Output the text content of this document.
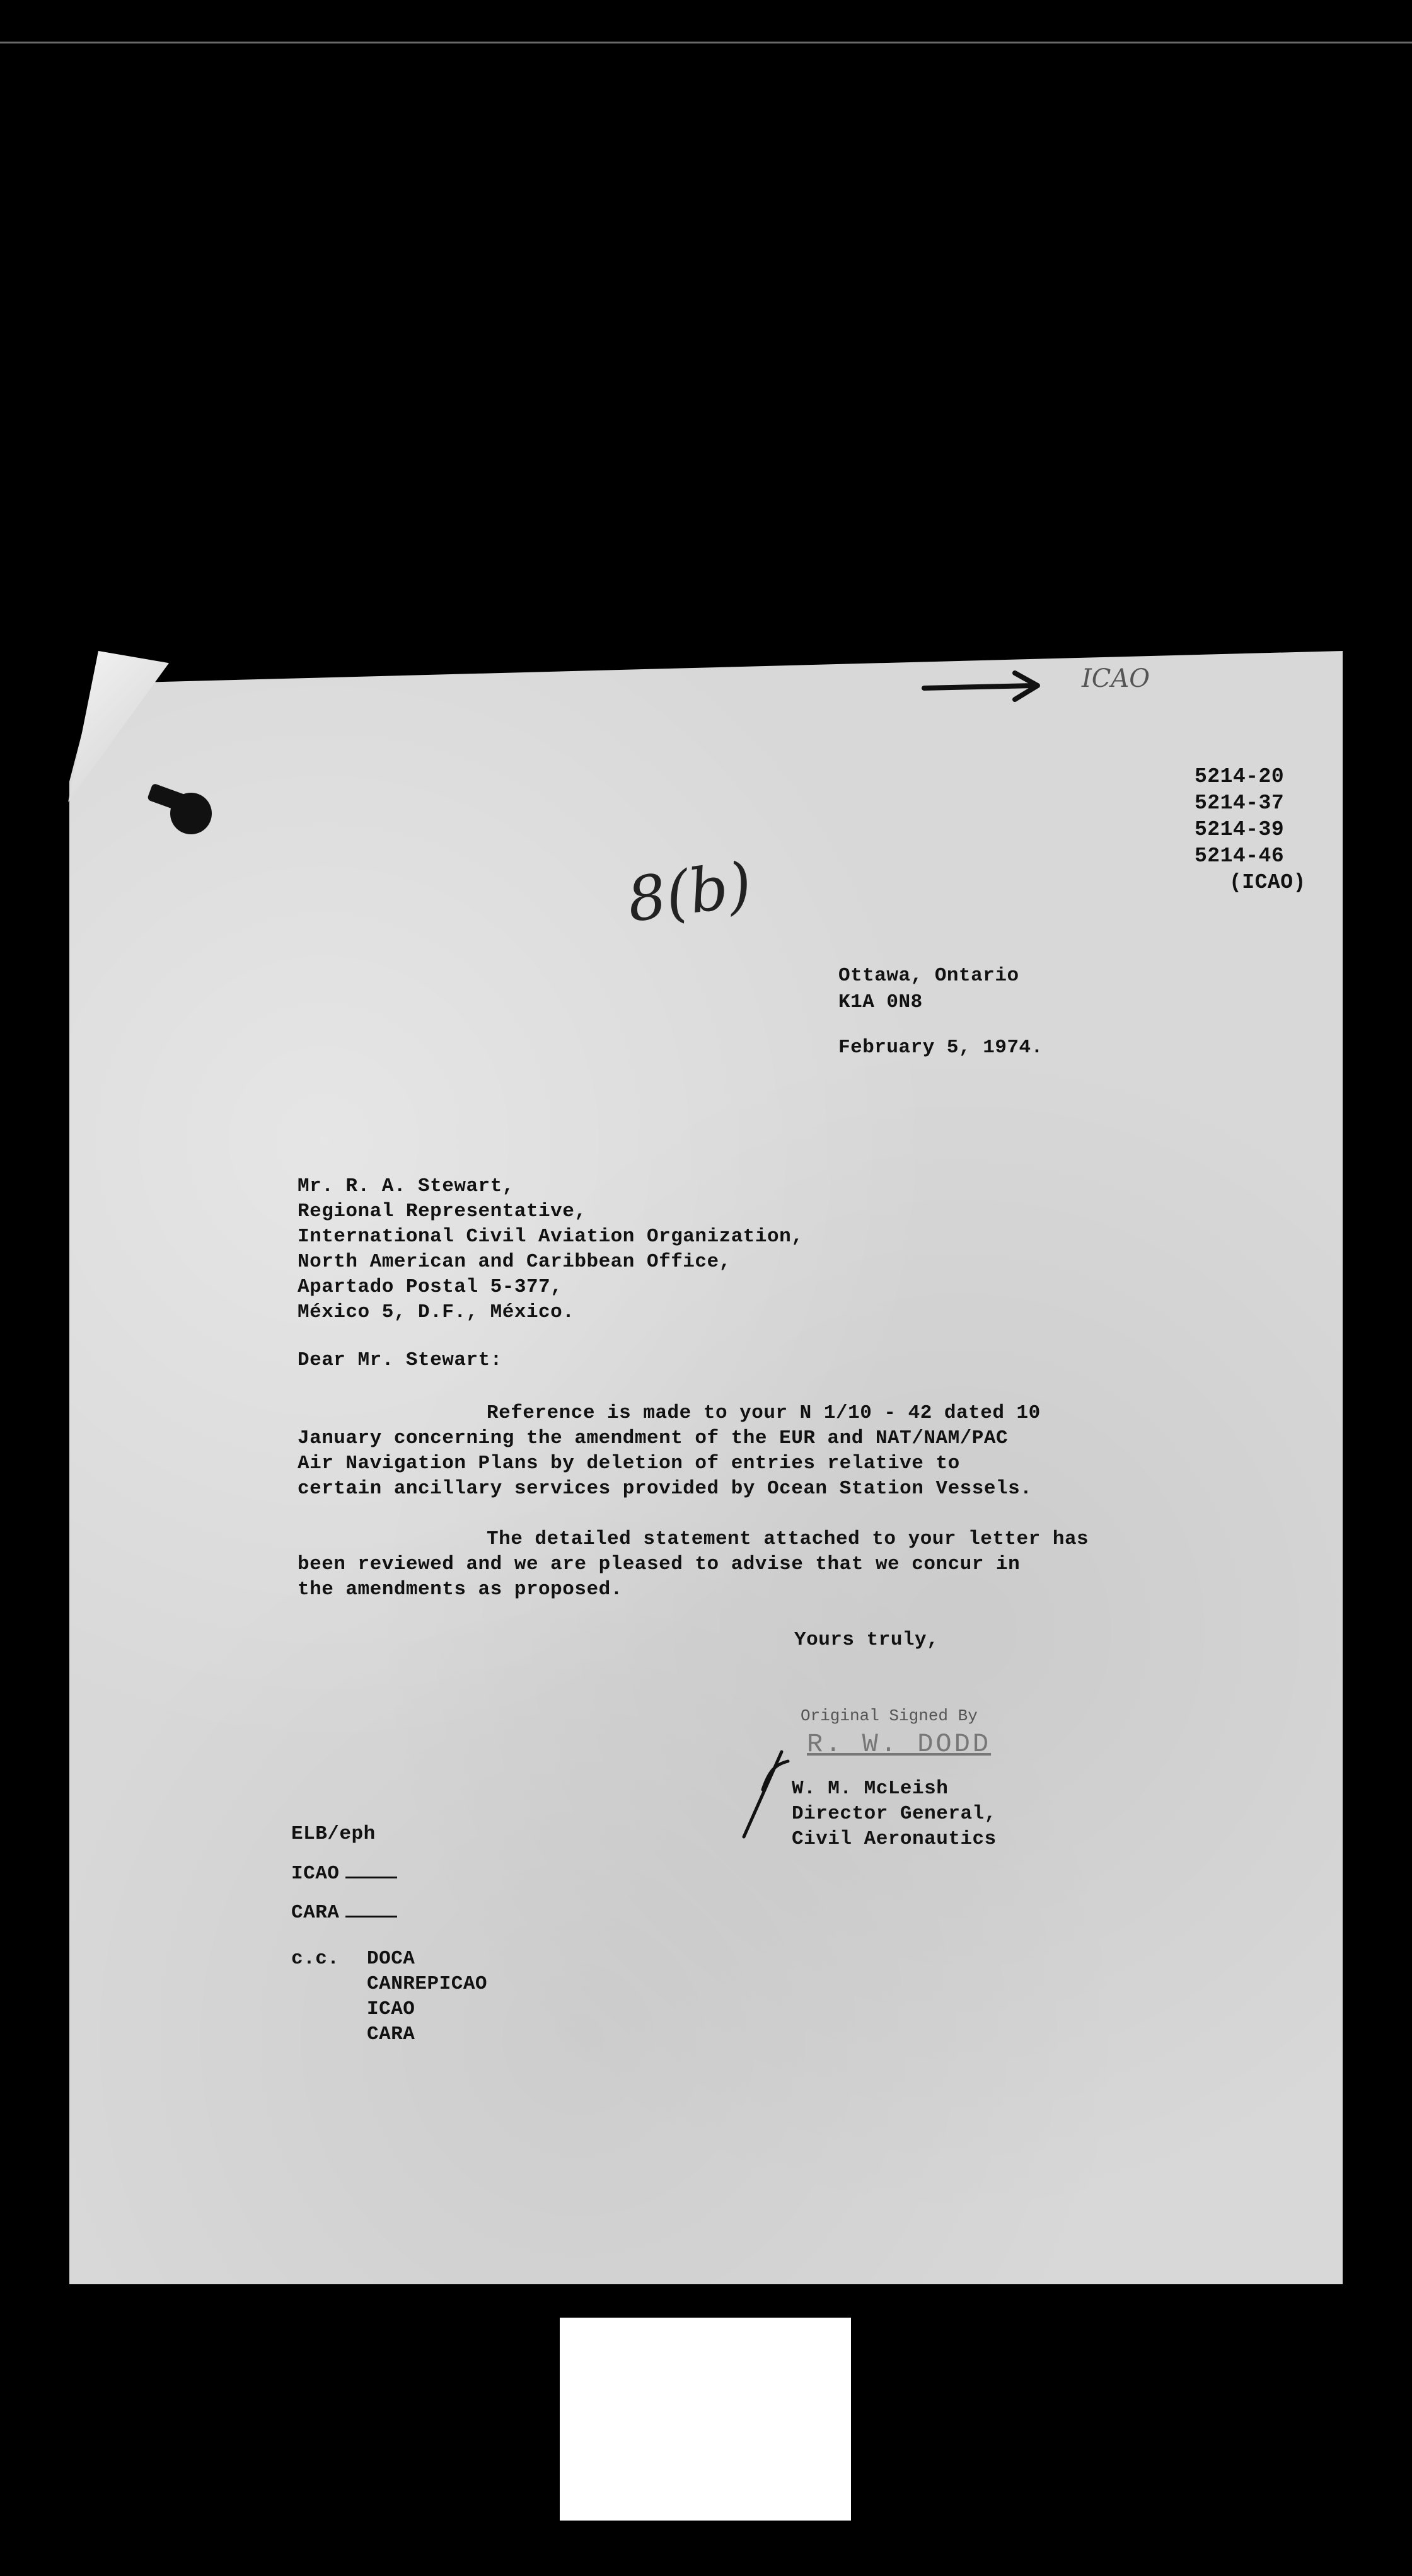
ICAO
5214-20
5214-37
5214-39
5214-46
(ICAO)
8(b)
Ottawa, Ontario
K1A 0N8
February 5, 1974.
Mr. R. A. Stewart,
Regional Representative,
International Civil Aviation Organization,
North American and Caribbean Office,
Apartado Postal 5-377,
México 5, D.F., México.
Dear Mr. Stewart:
Reference is made to your N 1/10 - 42 dated 10
January concerning the amendment of the EUR and NAT/NAM/PAC
Air Navigation Plans by deletion of entries relative to
certain ancillary services provided by Ocean Station Vessels.
The detailed statement attached to your letter has
been reviewed and we are pleased to advise that we concur in
the amendments as proposed.
Yours truly,
Original Signed By
R. W. DODD
W. M. McLeish
Director General,
Civil Aeronautics
ELB/eph
ICAO
CARA
c.c. DOCA
CANREPICAO
ICAO
CARA
